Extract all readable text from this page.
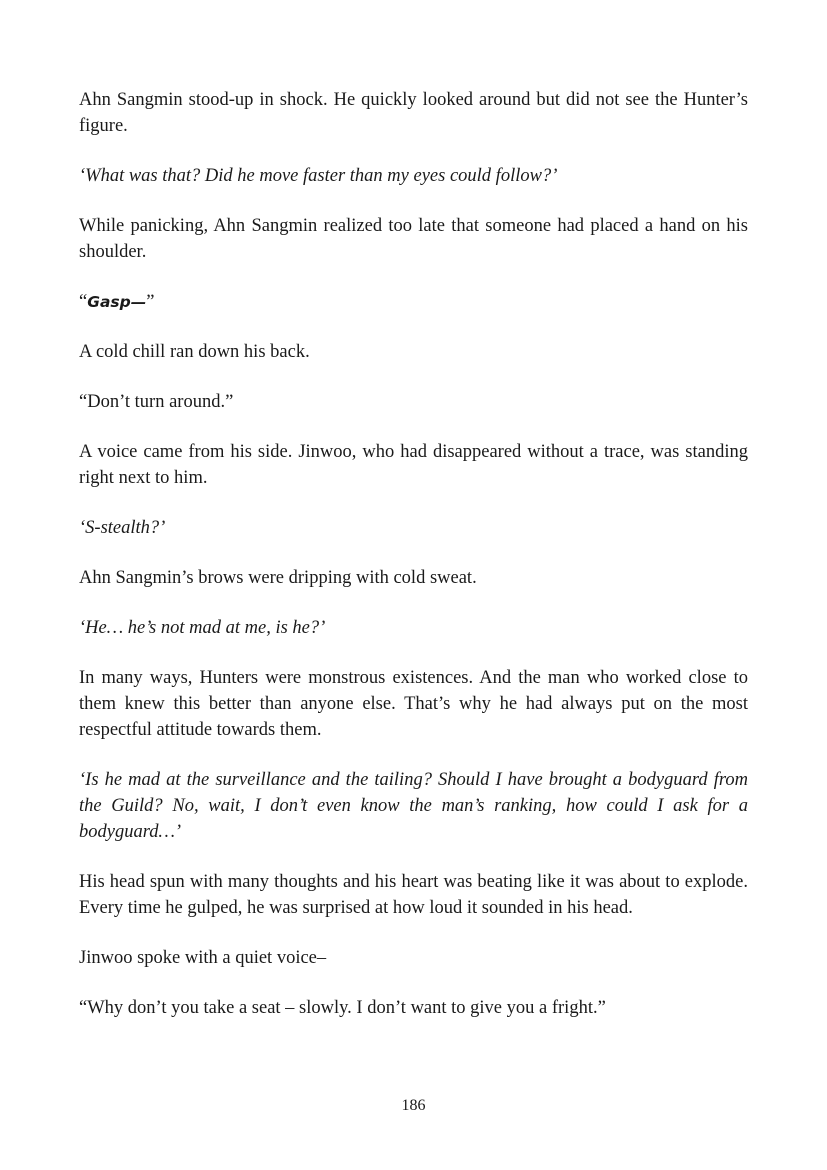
Ahn Sangmin stood-up in shock. He quickly looked around but did not see the Hunter’s figure.

‘What was that? Did he move faster than my eyes could follow?’

While panicking, Ahn Sangmin realized too late that someone had placed a hand on his shoulder.

“Gasp—”

A cold chill ran down his back.

“Don’t turn around.”

A voice came from his side. Jinwoo, who had disappeared without a trace, was standing right next to him.

‘S-stealth?’

Ahn Sangmin’s brows were dripping with cold sweat.

‘He… he’s not mad at me, is he?’

In many ways, Hunters were monstrous existences. And the man who worked close to them knew this better than anyone else. That’s why he had always put on the most respectful attitude towards them.

‘Is he mad at the surveillance and the tailing? Should I have brought a bodyguard from the Guild? No, wait, I don’t even know the man’s ranking, how could I ask for a bodyguard…’

His head spun with many thoughts and his heart was beating like it was about to explode. Every time he gulped, he was surprised at how loud it sounded in his head.

Jinwoo spoke with a quiet voice–

“Why don’t you take a seat – slowly. I don’t want to give you a fright.”

186
